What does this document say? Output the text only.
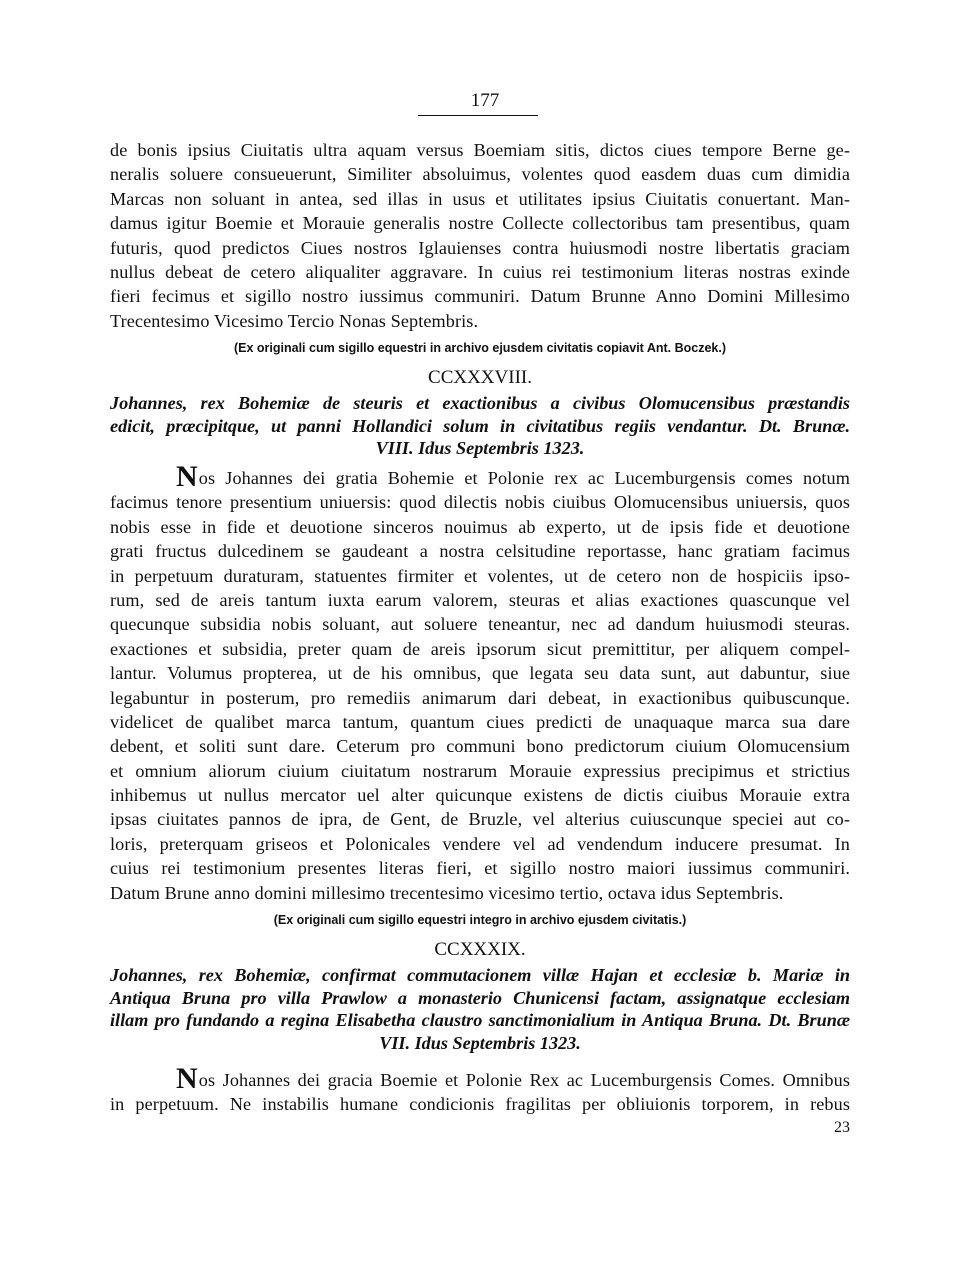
177
de bonis ipsius Ciuitatis ultra aquam versus Boemiam sitis, dictos ciues tempore Berne ge-
neralis soluere consueuerunt, Similiter absoluimus, volentes quod easdem duas cum dimidia
Marcas non soluant in antea, sed illas in usus et utilitates ipsius Ciuitatis conuertant. Man-
damus igitur Boemie et Morauie generalis nostre Collecte collectoribus tam presentibus, quam
futuris, quod predictos Ciues nostros Iglauienses contra huiusmodi nostre libertatis graciam
nullus debeat de cetero aliqualiter aggravare. In cuius rei testimonium literas nostras exinde
fieri fecimus et sigillo nostro iussimus communiri. Datum Brunne Anno Domini Millesimo
Trecentesimo Vicesimo Tercio Nonas Septembris.
(Ex originali cum sigillo equestri in archivo ejusdem civitatis copiavit Ant. Boczek.)
CCXXXVIII.
Johannes, rex Bohemiæ de steuris et exactionibus a civibus Olomucensibus præstandis
edicit, præcipitque, ut panni Hollandici solum in civitatibus regiis vendantur. Dt. Brunæ.
VIII. Idus Septembris 1323.
Nos Johannes dei gratia Bohemie et Polonie rex ac Lucemburgensis comes notum
facimus tenore presentium uniuersis: quod dilectis nobis ciuibus Olomucensibus uniuersis, quos
nobis esse in fide et deuotione sinceros nouimus ab experto, ut de ipsis fide et deuotione
grati fructus dulcedinem se gaudeant a nostra celsitudine reportasse, hanc gratiam facimus
in perpetuum duraturam, statuentes firmiter et volentes, ut de cetero non de hospiciis ipso-
rum, sed de areis tantum iuxta earum valorem, steuras et alias exactiones quascunque vel
quecunque subsidia nobis soluant, aut soluere teneantur, nec ad dandum huiusmodi steuras.
exactiones et subsidia, preter quam de areis ipsorum sicut premittitur, per aliquem compel-
lantur. Volumus propterea, ut de his omnibus, que legata seu data sunt, aut dabuntur, siue
legabuntur in posterum, pro remediis animarum dari debeat, in exactionibus quibuscunque.
videlicet de qualibet marca tantum, quantum ciues predicti de unaquaque marca sua dare
debent, et soliti sunt dare. Ceterum pro communi bono predictorum ciuium Olomucensium
et omnium aliorum ciuium ciuitatum nostrarum Morauie expressius precipimus et strictius
inhibemus ut nullus mercator uel alter quicunque existens de dictis ciuibus Morauie extra
ipsas ciuitates pannos de ipra, de Gent, de Bruzle, vel alterius cuiuscunque speciei aut co-
loris, preterquam griseos et Polonicales vendere vel ad vendendum inducere presumat. In
cuius rei testimonium presentes literas fieri, et sigillo nostro maiori iussimus communiri.
Datum Brune anno domini millesimo trecentesimo vicesimo tertio, octava idus Septembris.
(Ex originali cum sigillo equestri integro in archivo ejusdem civitatis.)
CCXXXIX.
Johannes, rex Bohemiæ, confirmat commutacionem villæ Hajan et ecclesiæ b. Mariæ in
Antiqua Bruna pro villa Prawlow a monasterio Chunicensi factam, assignatque ecclesiam
illam pro fundando a regina Elisabetha claustro sanctimonialium in Antiqua Bruna. Dt. Brunæ
VII. Idus Septembris 1323.
Nos Johannes dei gracia Boemie et Polonie Rex ac Lucemburgensis Comes. Omnibus
in perpetuum. Ne instabilis humane condicionis fragilitas per obliuionis torporem, in rebus
23
